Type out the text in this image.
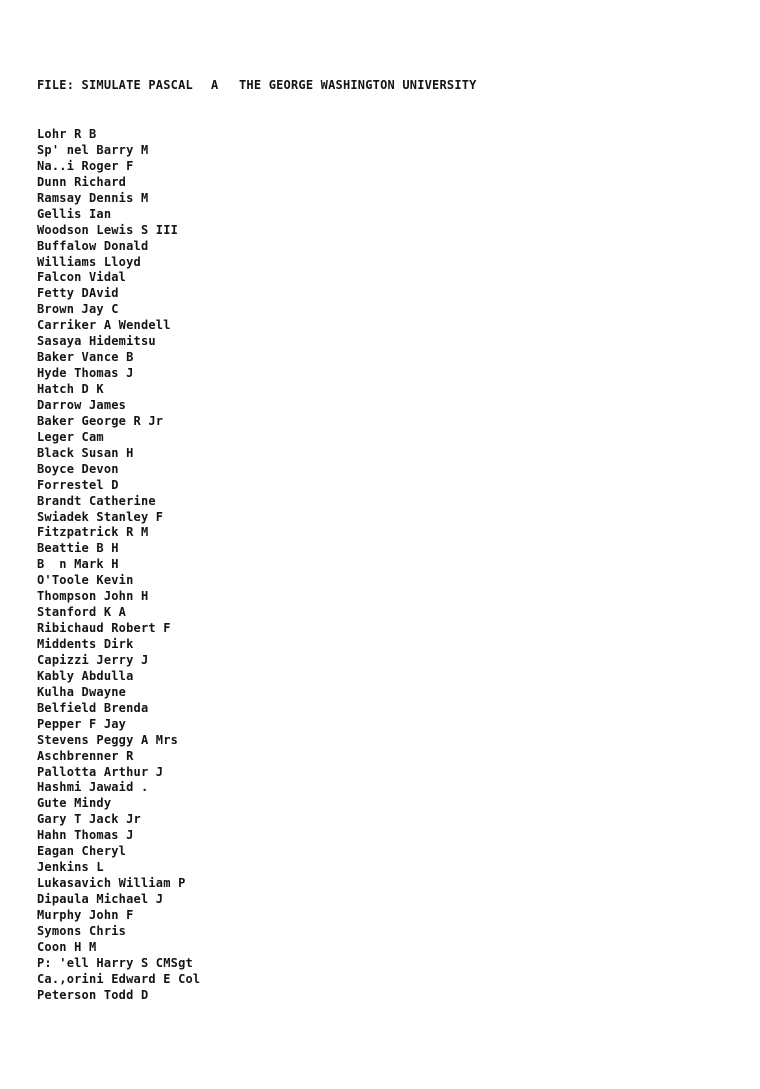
FILE: SIMULATE PASCAL	A	THE GEORGE WASHINGTON UNIVERSITY
Lohr R B
Sp' nel Barry M
Na..i Roger F
Dunn Richard
Ramsay Dennis M
Gellis Ian
Woodson Lewis S III
Buffalow Donald
Williams Lloyd
Falcon Vidal
Fetty DAvid
Brown Jay C
Carriker A Wendell
Sasaya Hidemitsu
Baker Vance B
Hyde Thomas J
Hatch D K
Darrow James
Baker George R Jr
Leger Cam
Black Susan H
Boyce Devon
Forrestel D
Brandt Catherine
Swiadek Stanley F
Fitzpatrick R M
Beattie B H
B  n Mark H
O'Toole Kevin
Thompson John H
Stanford K A
Ribichaud Robert F
Middents Dirk
Capizzi Jerry J
Kably Abdulla
Kulha Dwayne
Belfield Brenda
Pepper F Jay
Stevens Peggy A Mrs
Aschbrenner R
Pallotta Arthur J
Hashmi Jawaid .
Gute Mindy
Gary T Jack Jr
Hahn Thomas J
Eagan Cheryl
Jenkins L
Lukasavich William P
Dipaula Michael J
Murphy John F
Symons Chris
Coon H M
P: 'ell Harry S CMSgt
Ca.,orini Edward E Col
Peterson Todd D
